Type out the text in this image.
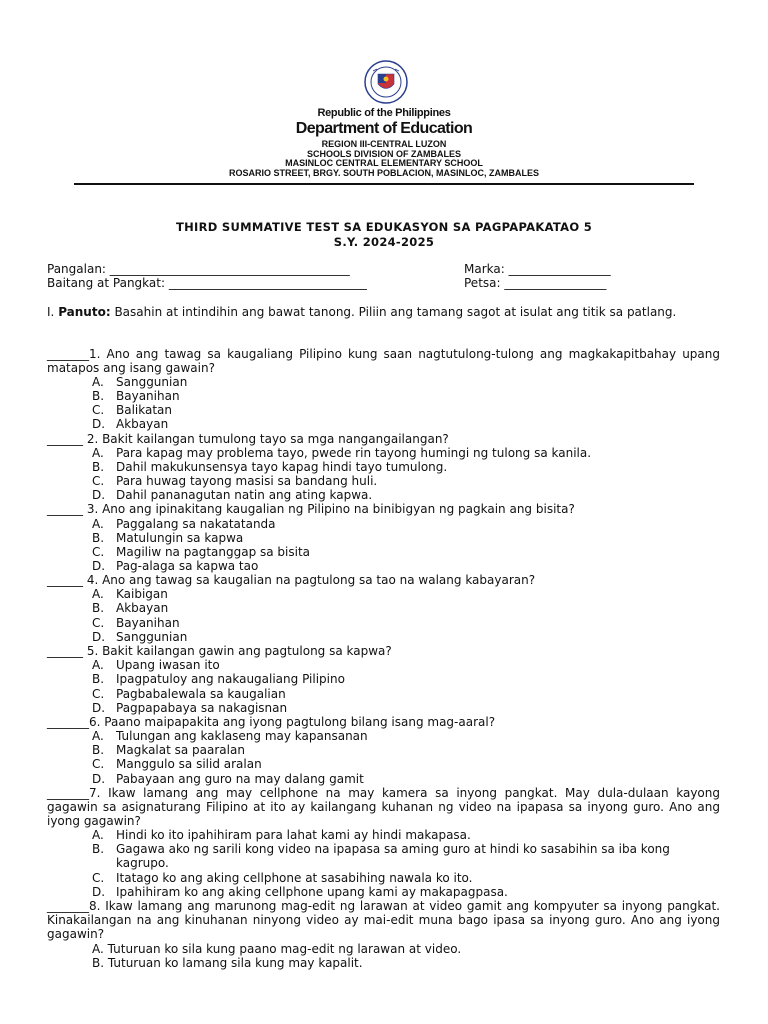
Republic of the Philippines
Department of Education
REGION III-CENTRAL LUZON
SCHOOLS DIVISION OF ZAMBALES
MASINLOC CENTRAL ELEMENTARY SCHOOL
ROSARIO STREET, BRGY. SOUTH POBLACION, MASINLOC, ZAMBALES
THIRD SUMMATIVE TEST SA EDUKASYON SA PAGPAPAKATAO 5
S.Y. 2024-2025
Pangalan: ________________________________________
Baitang at Pangkat: _________________________________
Marka: _________________
Petsa: _________________
I. Panuto: Basahin at intindihin ang bawat tanong. Piliin ang tamang sagot at isulat ang titik sa patlang.
_______1. Ano ang tawag sa kaugaliang Pilipino kung saan nagtutulong-tulong ang magkakapitbahay upang matapos ang isang gawain?
A. Sanggunian
B. Bayanihan
C. Balikatan
D. Akbayan
______ 2. Bakit kailangan tumulong tayo sa mga nangangailangan?
A. Para kapag may problema tayo, pwede rin tayong humingi ng tulong sa kanila.
B. Dahil makukunsensya tayo kapag hindi tayo tumulong.
C. Para huwag tayong masisi sa bandang huli.
D. Dahil pananagutan natin ang ating kapwa.
______ 3. Ano ang ipinakitang kaugalian ng Pilipino na binibigyan ng pagkain ang bisita?
A. Paggalang sa nakatatanda
B. Matulungin sa kapwa
C. Magiliw na pagtanggap sa bisita
D. Pag-alaga sa kapwa tao
______ 4. Ano ang tawag sa kaugalian na pagtulong sa tao na walang kabayaran?
A. Kaibigan
B. Akbayan
C. Bayanihan
D. Sanggunian
______ 5. Bakit kailangan gawin ang pagtulong sa kapwa?
A. Upang iwasan ito
B. Ipagpatuloy ang nakaugaliang Pilipino
C. Pagbabalewala sa kaugalian
D. Pagpapabaya sa nakagisnan
_______6. Paano maipapakita ang iyong pagtulong bilang isang mag-aaral?
A. Tulungan ang kaklaseng may kapansanan
B. Magkalat sa paaralan
C. Manggulo sa silid aralan
D. Pabayaan ang guro na may dalang gamit
_______7. Ikaw lamang ang may cellphone na may kamera sa inyong pangkat. May dula-dulaan kayong gagawin sa asignaturang Filipino at ito ay kailangang kuhanan ng video na ipapasa sa inyong guro. Ano ang iyong gagawin?
A. Hindi ko ito ipahihiram para lahat kami ay hindi makapasa.
B. Gagawa ako ng sarili kong video na ipapasa sa aming guro at hindi ko sasabihin sa iba kong kagrupo.
C. Itatago ko ang aking cellphone at sasabihing nawala ko ito.
D. Ipahihiram ko ang aking cellphone upang kami ay makapagpasa.
_______8. Ikaw lamang ang marunong mag-edit ng larawan at video gamit ang kompyuter sa inyong pangkat. Kinakailangan na ang kinuhanan ninyong video ay mai-edit muna bago ipasa sa inyong guro. Ano ang iyong gagawin?
A. Tuturuan ko sila kung paano mag-edit ng larawan at video.
B. Tuturuan ko lamang sila kung may kapalit.
